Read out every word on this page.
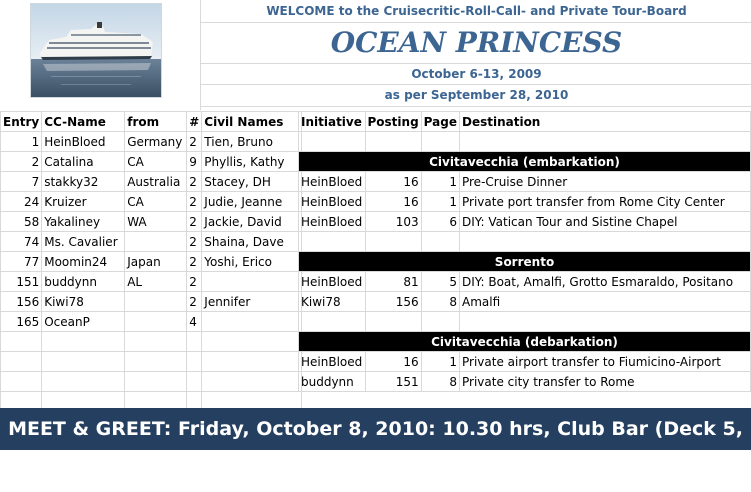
WELCOME to the Cruisecritic-Roll-Call- and Private Tour-Board
OCEAN PRINCESS
October 6-13, 2009
as per September 28, 2010
Entry	CC-Name	from	#	Civil Names
1	HeinBloed	Germany	2	Tien, Bruno
2	Catalina	CA	9	Phyllis, Kathy
7	stakky32	Australia	2	Stacey, DH
24	Kruizer	CA	2	Judie, Jeanne
58	Yakaliney	WA	2	Jackie, David
74	Ms. Cavalier		2	Shaina, Dave
77	Moomin24	Japan	2	Yoshi, Erico
151	buddynn	AL	2	
156	Kiwi78		2	Jennifer
165	OceanP		4	

Initiative	Posting	Page	Destination

Civitavecchia (embarkation)			
HeinBloed	16	1	Pre-Cruise Dinner
HeinBloed	16	1	Private port transfer from Rome City Center
HeinBloed	103	6	DIY: Vatican Tour and Sistine Chapel

Sorrento			
HeinBloed	81	5	DIY: Boat, Amalfi, Grotto Esmaraldo, Positano
Kiwi78	156	8	Amalfi

Civitavecchia (debarkation)			
HeinBloed	16	1	Private airport transfer to Fiumicino-Airport
buddynn	151	8	Private city transfer to Rome
MEET & GREET: Friday, October 8, 2010: 10.30 hrs, Club Bar (Deck 5, Aft)
